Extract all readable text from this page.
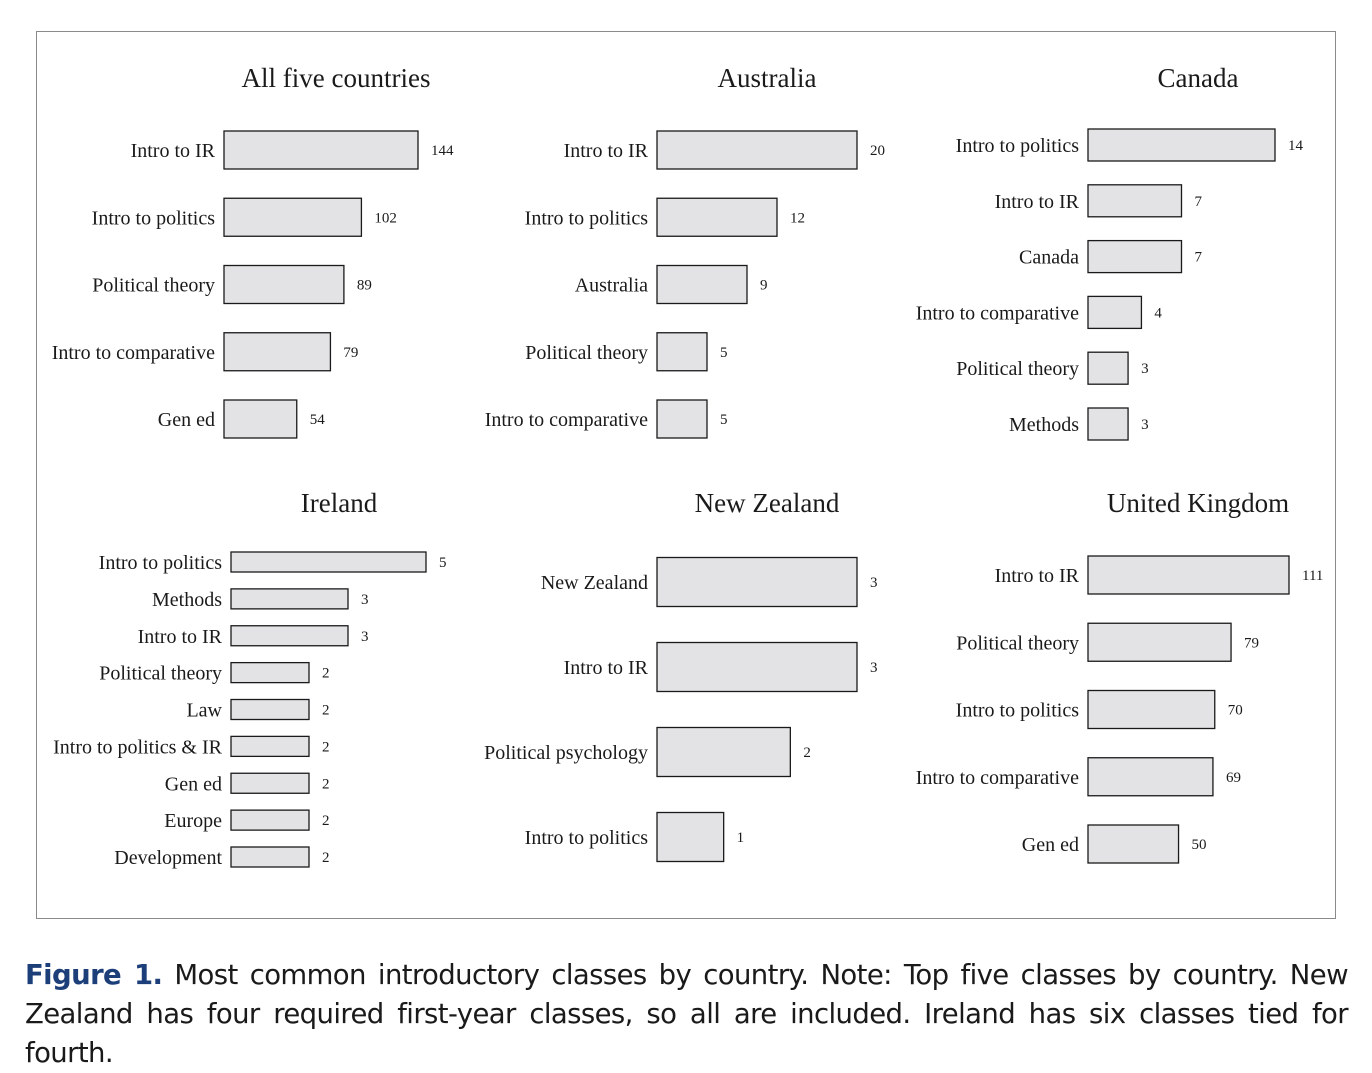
All five countries
Intro to IR	144
Intro to politics	102
Political theory	89
Intro to comparative	79
Gen ed	54
Australia
Intro to IR	20
Intro to politics	12
Australia	9
Political theory	5
Intro to comparative	5
Canada
Intro to politics	14
Intro to IR	7
Canada	7
Intro to comparative	4
Political theory	3
Methods	3
Ireland
Intro to politics	5
Methods	3
Intro to IR	3
Political theory	2
Law	2
Intro to politics & IR	2
Gen ed	2
Europe	2
Development	2
New Zealand
New Zealand	3
Intro to IR	3
Political psychology	2
Intro to politics	1
United Kingdom
Intro to IR	111
Political theory	79
Intro to politics	70
Intro to comparative	69
Gen ed	50
Figure 1. Most common introductory classes by country. Note: Top five classes by country. New
Zealand has four required first-year classes, so all are included. Ireland has six classes tied for fourth.
